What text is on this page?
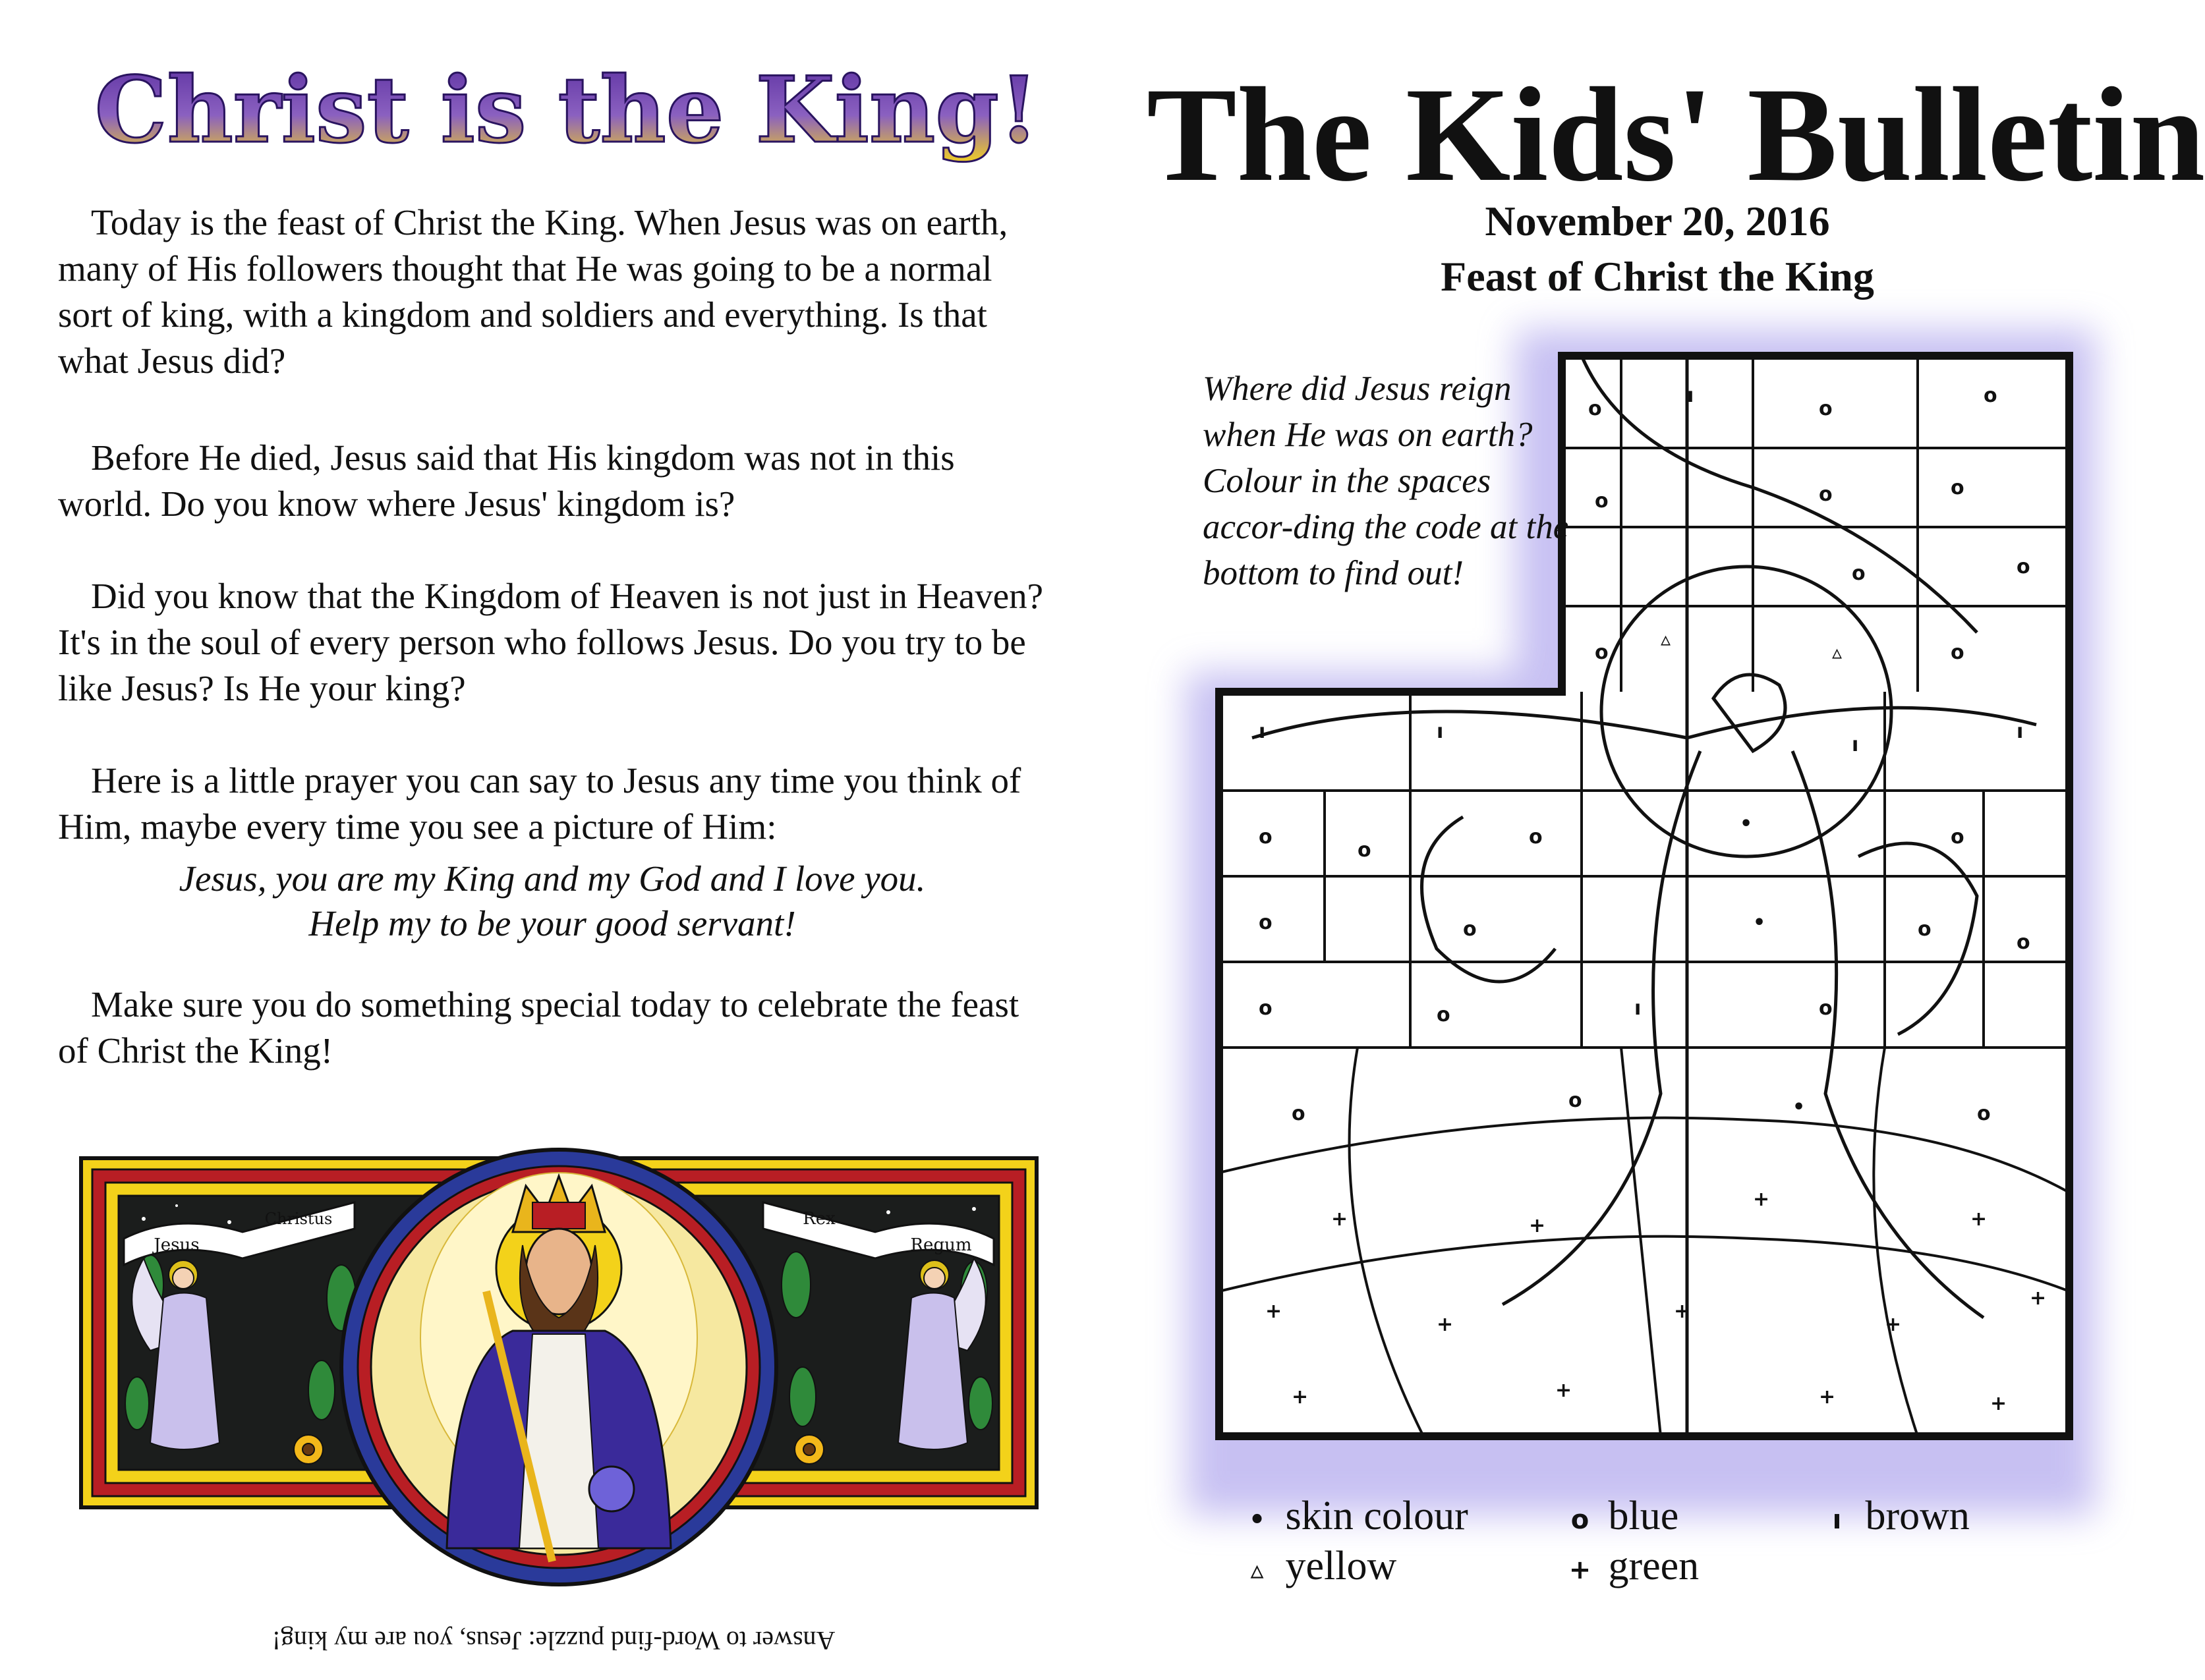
Christ is the King!

Today is the feast of Christ the King. When Jesus was on earth, many of His followers thought that He was going to be a normal sort of king, with a kingdom and soldiers and everything. Is that what Jesus did?

Before He died, Jesus said that His kingdom was not in this world. Do you know where Jesus' kingdom is?

Did you know that the Kingdom of Heaven is not just in Heaven? It's in the soul of every person who follows Jesus. Do you try to be like Jesus? Is He your king?

Here is a little prayer you can say to Jesus any time you think of Him, maybe every time you see a picture of Him:

Jesus, you are my King and my God and I love you.
Help my to be your good servant!

Make sure you do something special today to celebrate the feast of Christ the King!

Jesus
Christus	Rex
Regum
Answer to Word-find puzzle: Jesus, you are my king!
The Kids' Bulletin
November 20, 2016
Feast of Christ the King
o
ı
o
o
o	o	o
o	o
o
▵
▵	o
ı	ı
ı
ı
o
o
o
•
o
o	o	•	o
o
o	o	ı	o
o
o	•	o
+	+
+
+
+
+
+
+
+
+	+	+	+
Where did Jesus reign when He was on earth? Colour in the spaces accor-ding the code at the bottom to find out!
• skin colour	o blue	ı brown
▵ yellow	+ green
